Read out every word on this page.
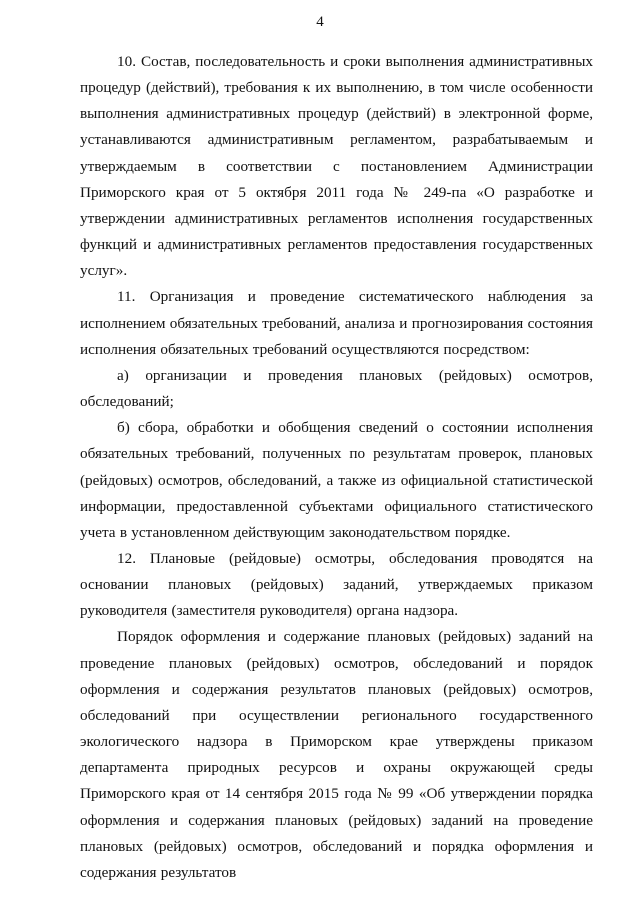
4

10. Состав, последовательность и сроки выполнения административных процедур (действий), требования к их выполнению, в том числе особенности выполнения административных процедур (действий) в электронной форме, устанавливаются административным регламентом, разрабатываемым и утверждаемым в соответствии с постановлением Администрации Приморского края от 5 октября 2011 года № 249-па «О разработке и утверждении административных регламентов исполнения государственных функций и административных регламентов предоставления государственных услуг».

11. Организация и проведение систематического наблюдения за исполнением обязательных требований, анализа и прогнозирования состояния исполнения обязательных требований осуществляются посредством:

а) организации и проведения плановых (рейдовых) осмотров, обследований;

б) сбора, обработки и обобщения сведений о состоянии исполнения обязательных требований, полученных по результатам проверок, плановых (рейдовых) осмотров, обследований, а также из официальной статистической информации, предоставленной субъектами официального статистического учета в установленном действующим законодательством порядке.

12. Плановые (рейдовые) осмотры, обследования проводятся на основании плановых (рейдовых) заданий, утверждаемых приказом руководителя (заместителя руководителя) органа надзора.

Порядок оформления и содержание плановых (рейдовых) заданий на проведение плановых (рейдовых) осмотров, обследований и порядок оформления и содержания результатов плановых (рейдовых) осмотров, обследований при осуществлении регионального государственного экологического надзора в Приморском крае утверждены приказом департамента природных ресурсов и охраны окружающей среды Приморского края от 14 сентября 2015 года № 99 «Об утверждении порядка оформления и содержания плановых (рейдовых) заданий на проведение плановых (рейдовых) осмотров, обследований и порядка оформления и содержания результатов
